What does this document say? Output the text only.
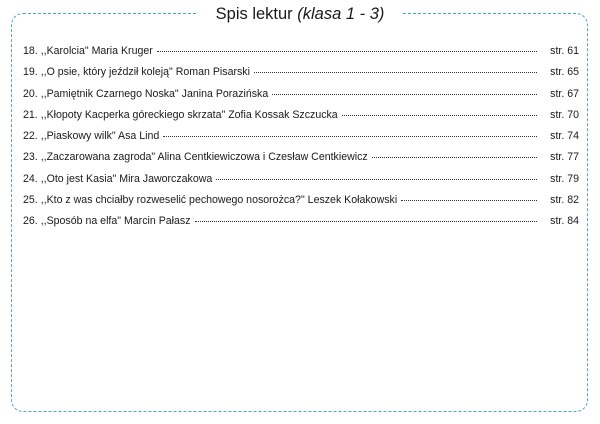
Spis lektur (klasa 1 - 3)
18. ,,Karolcia" Maria Kruger	str. 61
19. ,,O psie, który jeździł koleją" Roman Pisarski	str. 65
20. ,,Pamiętnik Czarnego Noska" Janina Porazińska	str. 67
21. ,,Kłopoty Kacperka góreckiego skrzata" Zofia Kossak Szczucka	str. 70
22. ,,Piaskowy wilk" Asa Lind	str. 74
23. ,,Zaczarowana zagroda" Alina Centkiewiczowa i Czesław Centkiewicz	str. 77
24. ,,Oto jest Kasia" Mira Jaworczakowa	str. 79
25. ,,Kto z was chciałby rozweselić pechowego nosorożca?" Leszek Kołakowski	str. 82
26. ,,Sposób na elfa" Marcin Pałasz	str. 84
